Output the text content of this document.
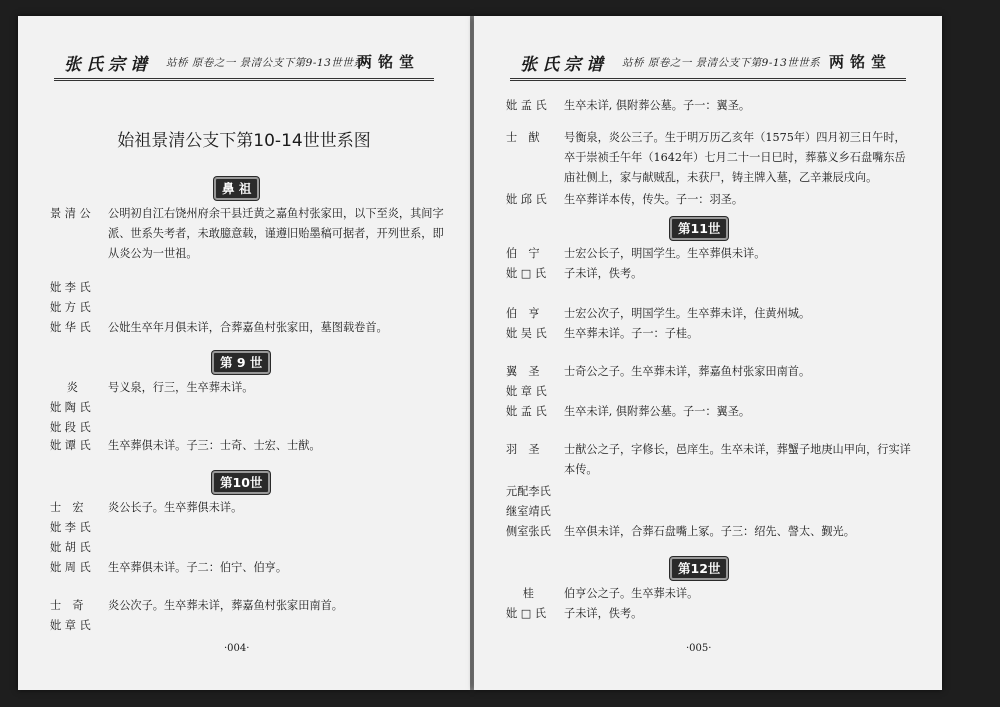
张氏宗谱 站桥 原卷之一 景清公支下第9-13世世系
两铭堂
始祖景清公支下第10-14世世系图
鼻 祖
景 清 公	公明初自江右饶州府余干县迁黄之嘉鱼村张家田，以下至炎，其间字派、世系失考者，未敢臆意载，谨遵旧贻墨稿可据者，开列世系，即从炎公为一世祖。
妣 李 氏
妣 方 氏
妣 华 氏	公妣生卒年月俱未详，合葬嘉鱼村张家田，墓图载卷首。
第 9 世
炎	号义泉，行三，生卒葬未详。
妣 陶 氏
妣 段 氏
妣 谭 氏	生卒葬俱未详。子三：士奇、士宏、士猷。
第10世
士　宏	炎公长子。生卒葬俱未详。
妣 李 氏
妣 胡 氏
妣 周 氏	生卒葬俱未详。子二：伯宁、伯亨。
士　奇	炎公次子。生卒葬未详，葬嘉鱼村张家田南首。
妣 章 氏
·004·
张氏宗谱 站桥 原卷之一 景清公支下第9-13世世系 两铭堂
妣 孟 氏	生卒未详, 俱附葬公墓。子一：翼圣。
士　猷	号衡泉，炎公三子。生于明万历乙亥年（1575年）四月初三日午时，卒于崇祯壬午年（1642年）七月二十一日巳时，葬慕义乡石盘嘴东岳庙社侧上，家与献贼乱，未获尸，铸主牌入墓，乙辛兼辰戌向。
妣 邱 氏	生卒葬详本传，传失。子一：羽圣。
第11世
伯　宁	士宏公长子，明国学生。生卒葬俱未详。
妣 □ 氏	子未详，佚考。
伯　亨	士宏公次子，明国学生。生卒葬未详，住黄州城。
妣 吴 氏	生卒葬未详。子一：子桂。
翼　圣	士奇公之子。生卒葬未详，葬嘉鱼村张家田南首。
妣 章 氏
妣 孟 氏	生卒未详, 俱附葬公墓。子一：翼圣。
羽　圣	士猷公之子，字修长，邑庠生。生卒未详，葬蟹子地庚山甲向，行实详本传。
元配李氏
继室靖氏
侧室张氏	生卒俱未详，合葬石盘嘴上冢。子三：绍先、謦太、觐光。
第12世
桂	伯亨公之子。生卒葬未详。
妣 □ 氏	子未详，佚考。
·005·
